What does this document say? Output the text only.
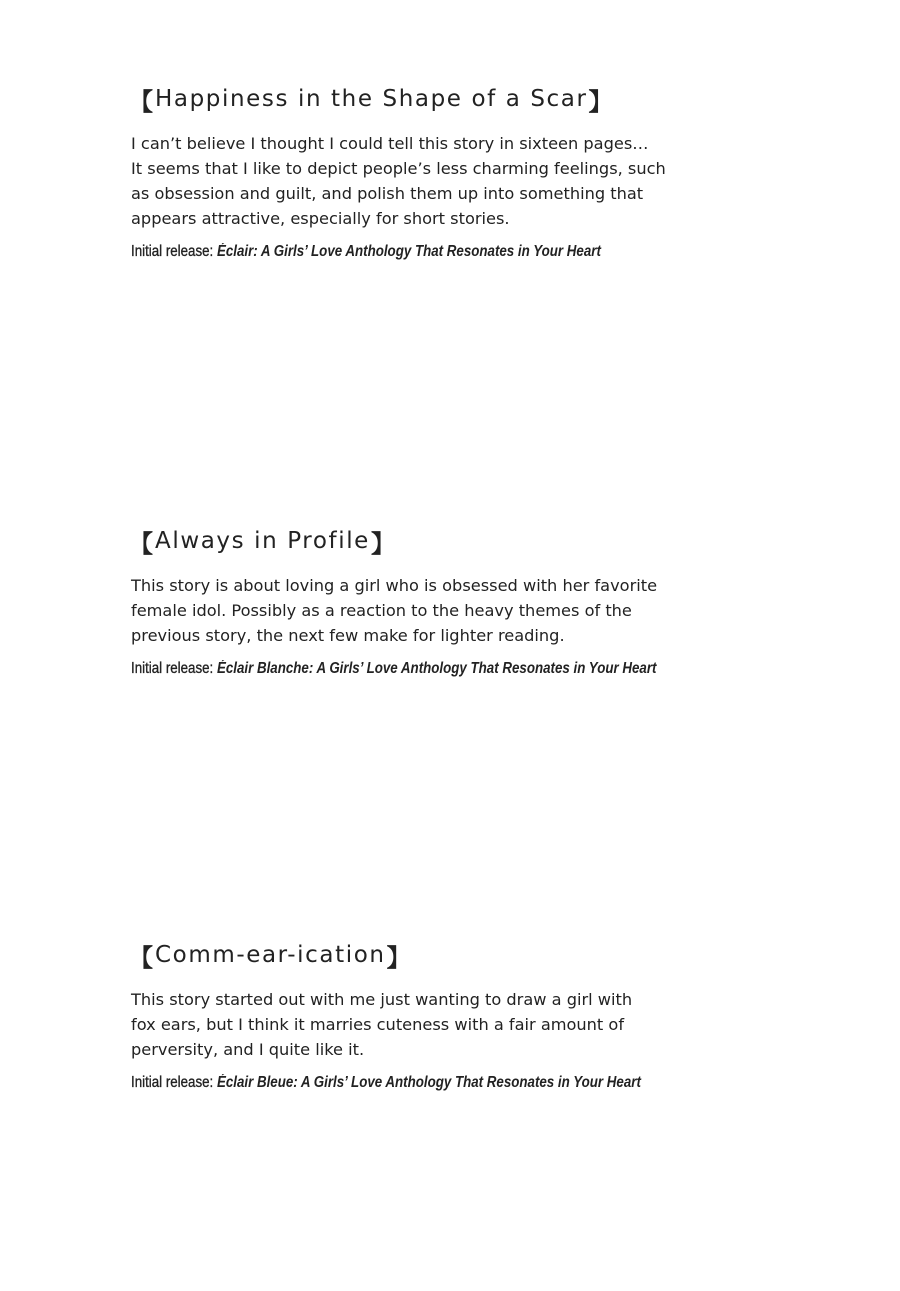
【 Happiness in the Shape of a Scar 】

I can’t believe I thought I could tell this story in sixteen pages…
It seems that I like to depict people’s less charming feelings, such
as obsession and guilt, and polish them up into something that
appears attractive, especially for short stories.

Initial release: Éclair: A Girls’ Love Anthology That Resonates in Your Heart

【 Always in Profile 】

This story is about loving a girl who is obsessed with her favorite
female idol. Possibly as a reaction to the heavy themes of the
previous story, the next few make for lighter reading.

Initial release: Éclair Blanche: A Girls’ Love Anthology That Resonates in Your Heart

【 Comm-ear-ication 】

This story started out with me just wanting to draw a girl with
fox ears, but I think it marries cuteness with a fair amount of
perversity, and I quite like it.

Initial release: Éclair Bleue: A Girls’ Love Anthology That Resonates in Your Heart
